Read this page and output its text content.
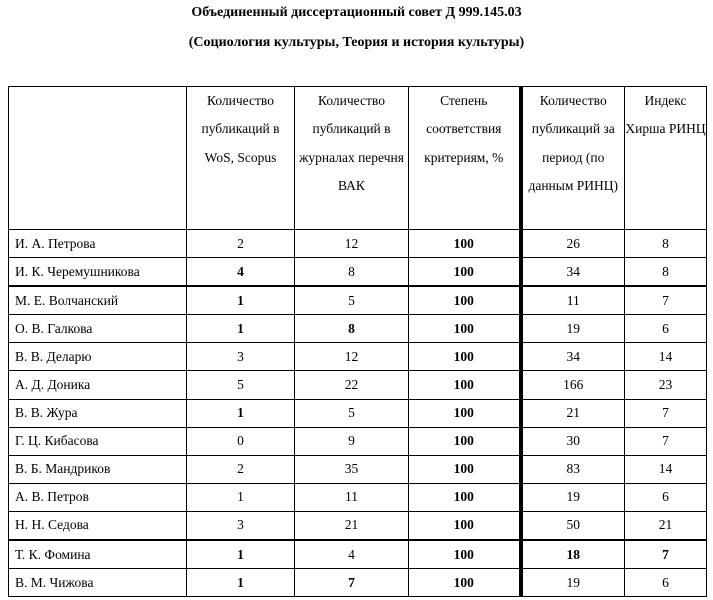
Объединенный диссертационный совет Д 999.145.03
(Социология культуры, Теория и история культуры)
	Количество публикаций в WoS, Scopus	Количество публикаций в журналах перечня ВАК	Степень соответствия критериям, %	Количество публикаций за период (по данным РИНЦ)	Индекс Хирша РИНЦ
И. А. Петрова	2	12	100	26	8
И. К. Черемушникова	4	8	100	34	8
М. Е. Волчанский	1	5	100	11	7
О. В. Галкова	1	8	100	19	6
В. В. Деларю	3	12	100	34	14
А. Д. Доника	5	22	100	166	23
В. В. Жура	1	5	100	21	7
Г. Ц. Кибасова	0	9	100	30	7
В. Б. Мандриков	2	35	100	83	14
А. В. Петров	1	11	100	19	6
Н. Н. Седова	3	21	100	50	21
Т. К. Фомина	1	4	100	18	7
В. М. Чижова	1	7	100	19	6
